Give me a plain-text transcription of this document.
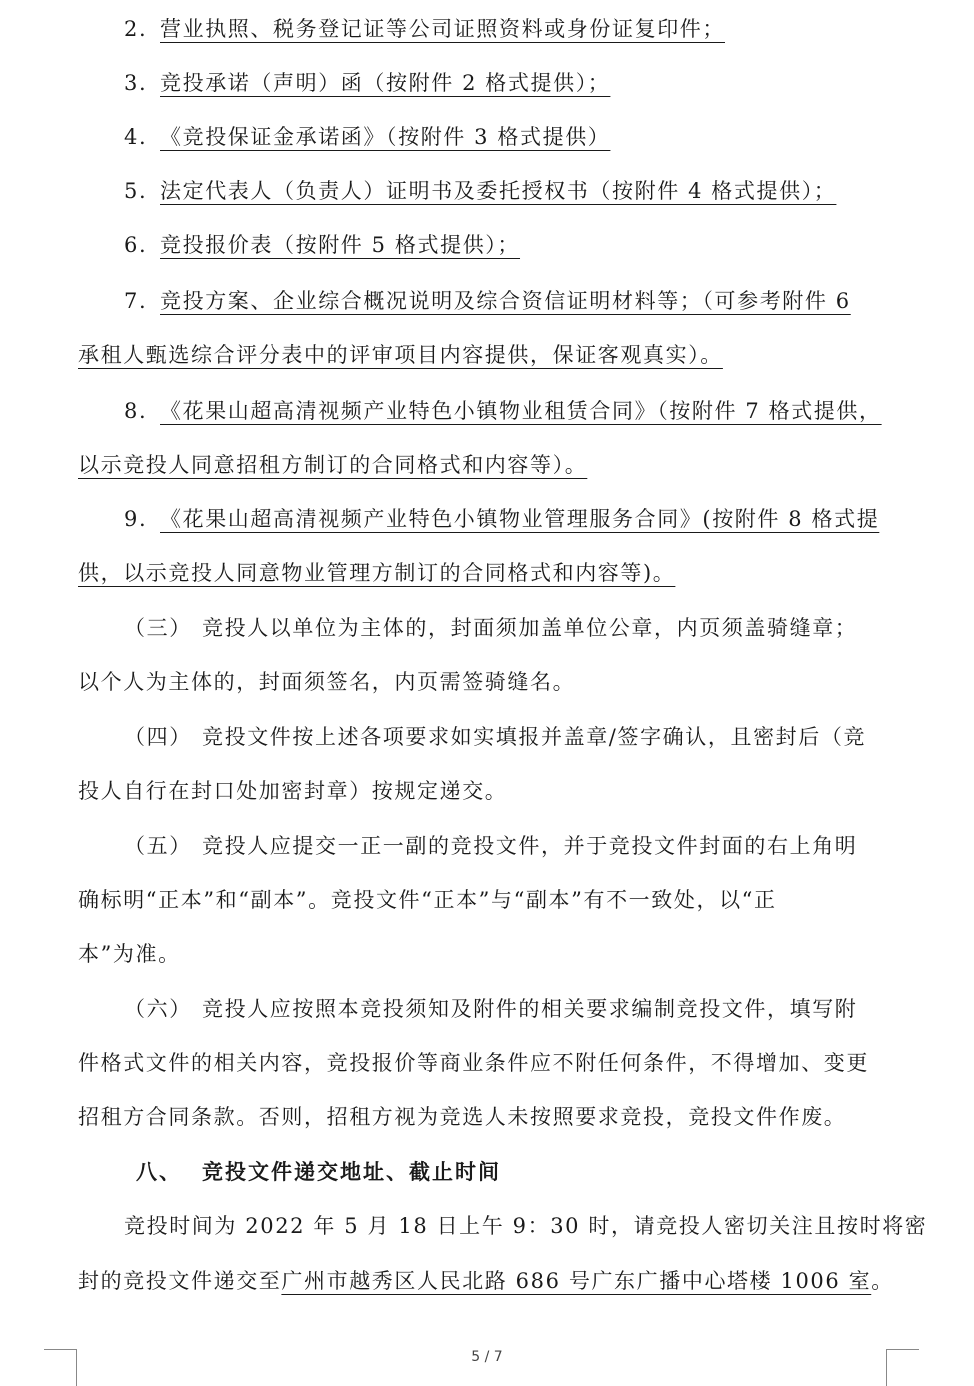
2. 营业执照、税务登记证等公司证照资料或身份证复印件；
3. 竞投承诺（声明）函（按附件 2 格式提供）；
4. 《竞投保证金承诺函》（按附件 3 格式提供）
5. 法定代表人（负责人）证明书及委托授权书（按附件 4 格式提供）；
6. 竞投报价表（按附件 5 格式提供）；
7. 竞投方案、企业综合概况说明及综合资信证明材料等；（可参考附件 6
承租人甄选综合评分表中的评审项目内容提供，保证客观真实）。
8. 《花果山超高清视频产业特色小镇物业租赁合同》（按附件 7 格式提供，
以示竞投人同意招租方制订的合同格式和内容等）。
9. 《花果山超高清视频产业特色小镇物业管理服务合同》(按附件 8 格式提
供，以示竞投人同意物业管理方制订的合同格式和内容等)。
（三） 竞投人以单位为主体的，封面须加盖单位公章，内页须盖骑缝章；
以个人为主体的，封面须签名，内页需签骑缝名。
（四） 竞投文件按上述各项要求如实填报并盖章/签字确认，且密封后（竞
投人自行在封口处加密封章）按规定递交。
（五） 竞投人应提交一正一副的竞投文件，并于竞投文件封面的右上角明
确标明“正本”和“副本”。竞投文件“正本”与“副本”有不一致处，以“正
本”为准。
（六） 竞投人应按照本竞投须知及附件的相关要求编制竞投文件，填写附
件格式文件的相关内容，竞投报价等商业条件应不附任何条件，不得增加、变更
招租方合同条款。否则，招租方视为竞选人未按照要求竞投，竞投文件作废。
八、 竞投文件递交地址、截止时间
竞投时间为 2022 年 5 月 18 日上午 9：30 时，请竞投人密切关注且按时将密
封的竞投文件递交至广州市越秀区人民北路 686 号广东广播中心塔楼 1006 室。
5 / 7
